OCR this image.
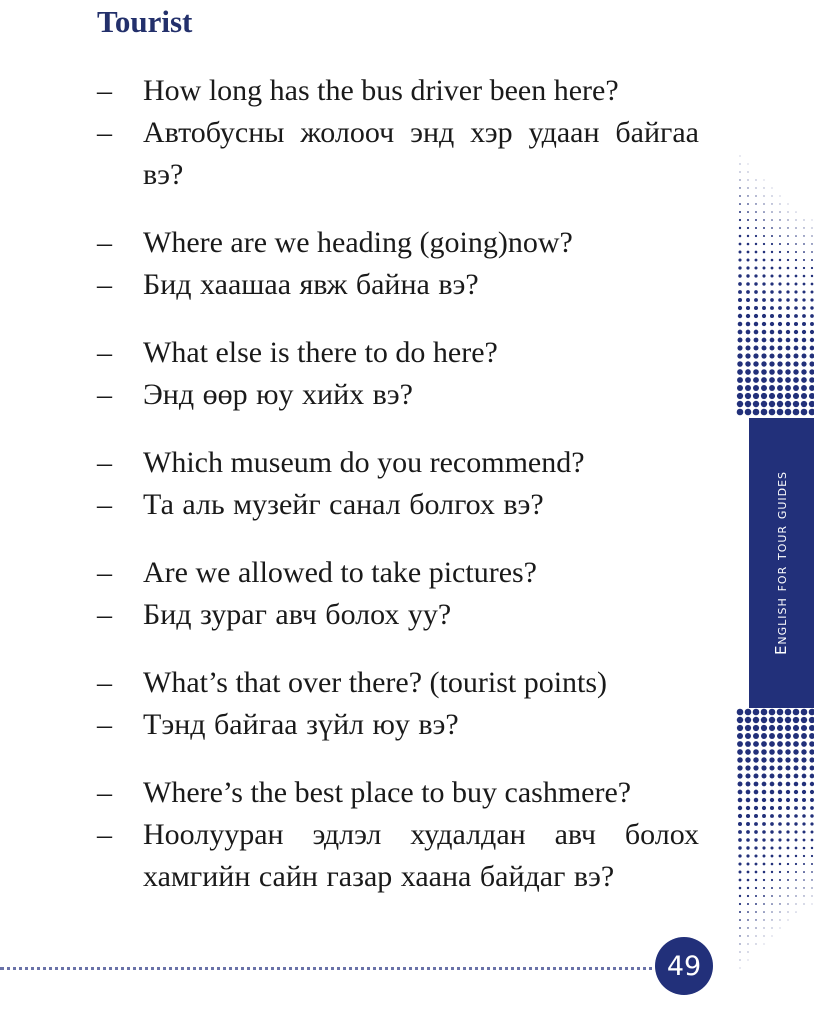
Tourist
–	How long has the bus driver been here?
–	Автобусны жолооч энд хэр удаан байгаа вэ?
–	Where are we heading (going)now?
–	Бид хаашаа явж байна вэ?
–	What else is there to do here?
–	Энд өөр юу хийх вэ?
–	Which museum do you recommend?
–	Та аль музейг санал болгох вэ?
–	Are we allowed to take pictures?
–	Бид зураг авч болох уу?
–	What’s that over there? (tourist points)
–	Тэнд байгаа зүйл юу вэ?
–	Where’s the best place to buy cashmere?
–	Ноолууран эдлэл худалдан авч болох хамгийн сайн газар хаана байдаг вэ?
English for tour guides
49
